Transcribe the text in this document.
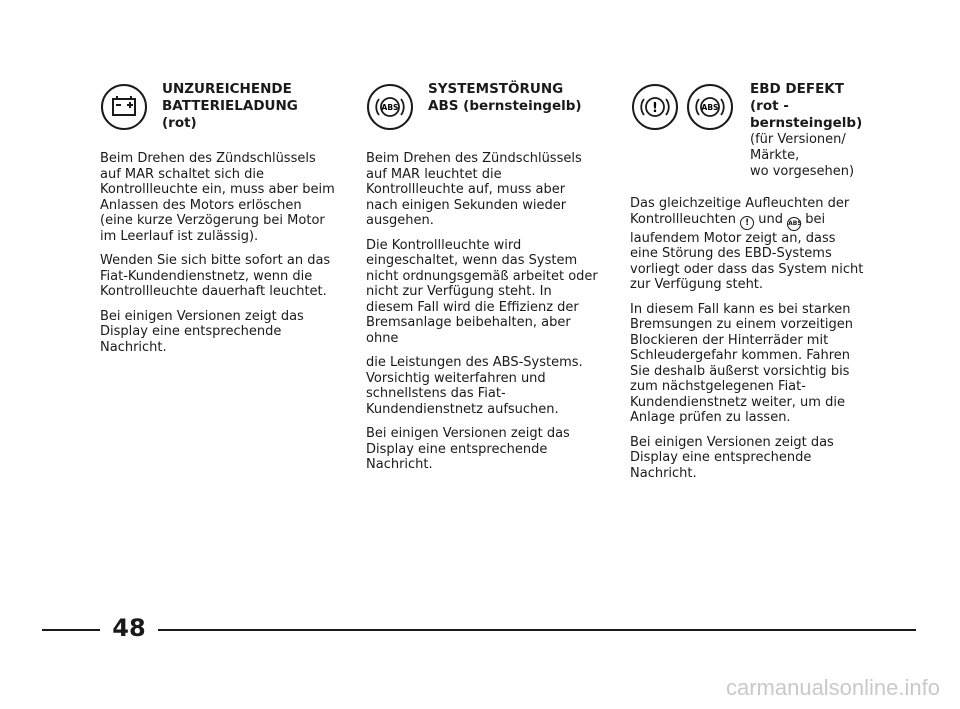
UNZUREICHENDE
BATTERIELADUNG
(rot)

Beim Drehen des Zündschlüssels auf MAR schaltet sich die Kontrollleuchte ein, muss aber beim Anlassen des Motors erlöschen (eine kurze Verzögerung bei Motor im Leerlauf ist zulässig).

Wenden Sie sich bitte sofort an das Fiat-Kundendienstnetz, wenn die Kontrollleuchte dauerhaft leuchtet.

Bei einigen Versionen zeigt das Display eine entsprechende Nachricht.

ABS
SYSTEMSTÖRUNG
ABS (bernsteingelb)

Beim Drehen des Zündschlüssels auf MAR leuchtet die Kontrollleuchte auf, muss aber nach einigen Sekunden wieder ausgehen.

Die Kontrollleuchte wird eingeschaltet, wenn das System nicht ordnungsgemäß arbeitet oder nicht zur Verfügung steht. In diesem Fall wird die Effizienz der Bremsanlage beibehalten, aber ohne

die Leistungen des ABS-Systems. Vorsichtig weiterfahren und schnellstens das Fiat-Kundendienstnetz aufsuchen.

Bei einigen Versionen zeigt das Display eine entsprechende Nachricht.

!	ABS
EBD DEFEKT
(rot -
bernsteingelb)
(für Versionen/
Märkte,
wo vorgesehen)

Das gleichzeitige Aufleuchten der Kontrollleuchten ! und ABS bei laufendem Motor zeigt an, dass eine Störung des EBD-Systems vorliegt oder dass das System nicht zur Verfügung steht.

In diesem Fall kann es bei starken Bremsungen zu einem vorzeitigen Blockieren der Hinterräder mit Schleudergefahr kommen. Fahren Sie deshalb äußerst vorsichtig bis zum nächstgelegenen Fiat-Kundendienstnetz weiter, um die Anlage prüfen zu lassen.

Bei einigen Versionen zeigt das Display eine entsprechende Nachricht.

48
carmanualsonline.info
